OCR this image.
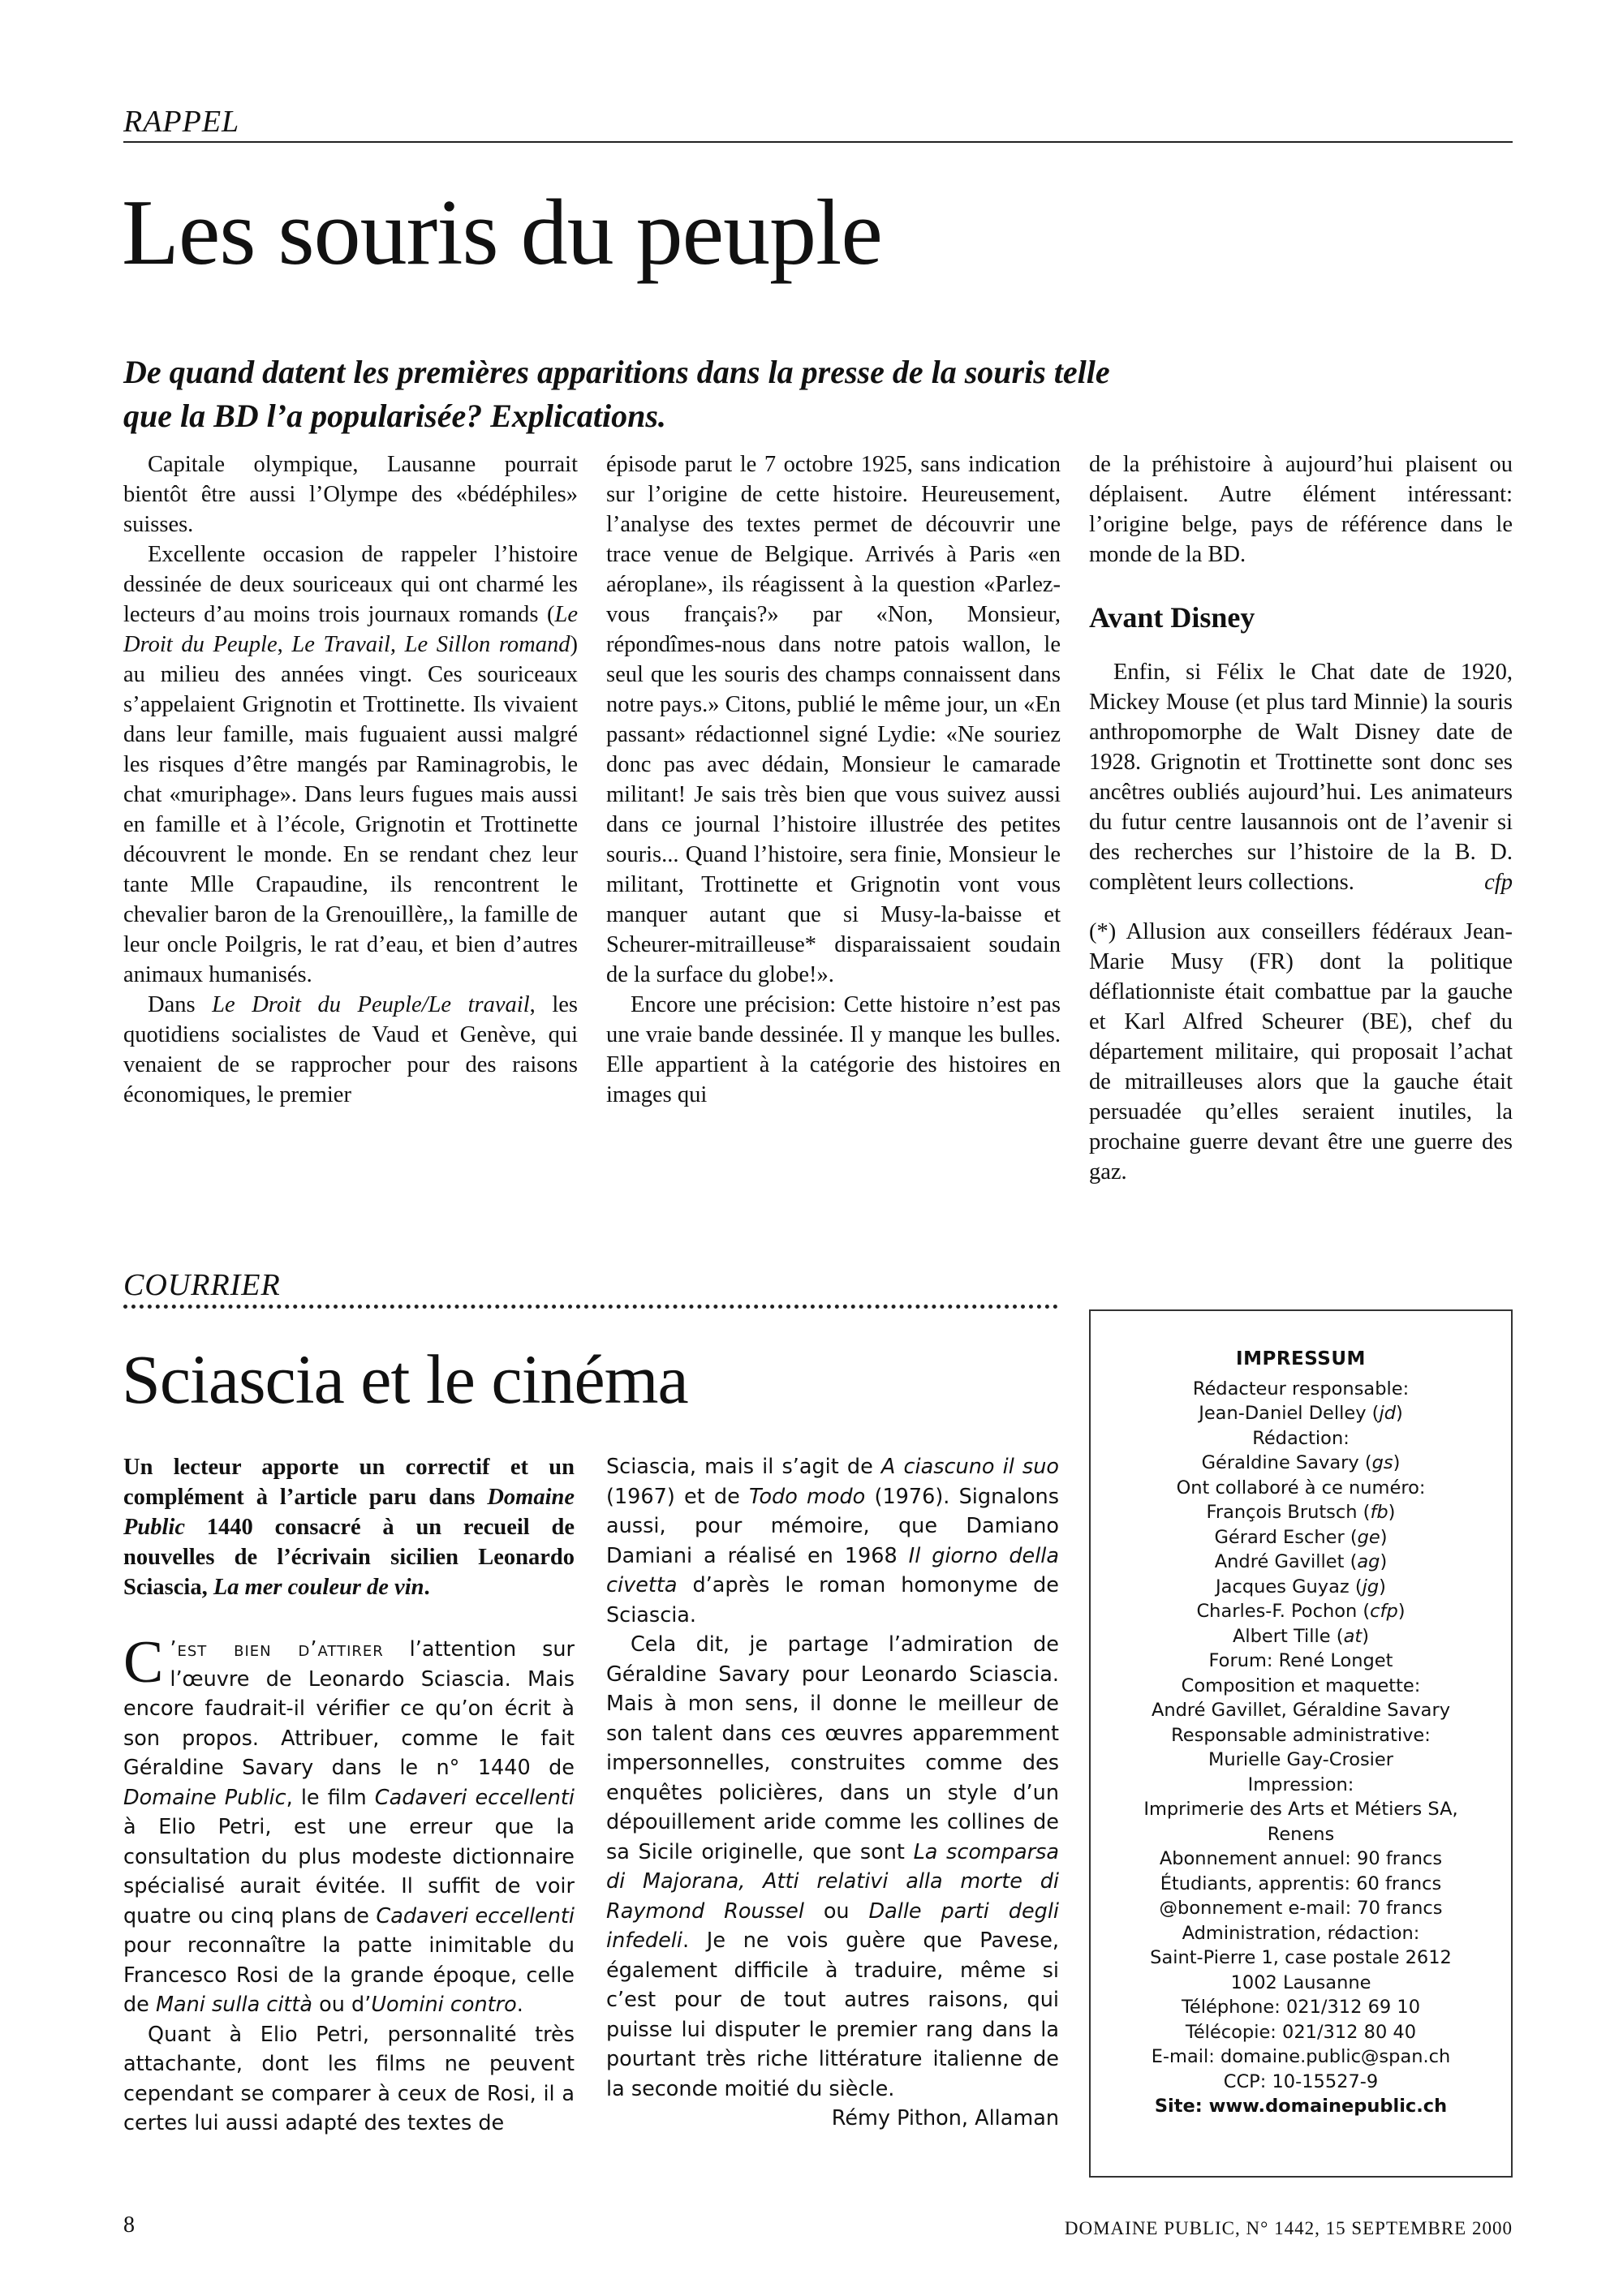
RAPPEL
Les souris du peuple
De quand datent les premières apparitions dans la presse de la souris telle
que la BD l’a popularisée? Explications.

Capitale olympique, Lausanne pourrait bientôt être aussi l’Olympe des «bédéphiles» suisses.

Excellente occasion de rappeler l’histoire dessinée de deux souriceaux qui ont charmé les lecteurs d’au moins trois journaux romands (Le Droit du Peuple, Le Travail, Le Sillon romand) au milieu des années vingt. Ces souriceaux s’appelaient Grignotin et Trottinette. Ils vivaient dans leur famille, mais fuguaient aussi malgré les risques d’être mangés par Raminagrobis, le chat «muriphage». Dans leurs fugues mais aussi en famille et à l’école, Grignotin et Trottinette découvrent le monde. En se rendant chez leur tante Mlle Crapaudine, ils rencontrent le chevalier baron de la Grenouillère,, la famille de leur oncle Poilgris, le rat d’eau, et bien d’autres animaux humanisés.

Dans Le Droit du Peuple/Le travail, les quotidiens socialistes de Vaud et Genève, qui venaient de se rapprocher pour des raisons économiques, le premier

épisode parut le 7 octobre 1925, sans indication sur l’origine de cette histoire. Heureusement, l’analyse des textes permet de découvrir une trace venue de Belgique. Arrivés à Paris «en aéroplane», ils réagissent à la question «Parlez-vous français?» par «Non, Monsieur, répondîmes-nous dans notre patois wallon, le seul que les souris des champs connaissent dans notre pays.» Citons, publié le même jour, un «En passant» rédactionnel signé Lydie: «Ne souriez donc pas avec dédain, Monsieur le camarade militant! Je sais très bien que vous suivez aussi dans ce journal l’histoire illustrée des petites souris... Quand l’histoire, sera finie, Monsieur le militant, Trottinette et Grignotin vont vous manquer autant que si Musy-la-baisse et Scheurer-mitrailleuse* disparaissaient soudain de la surface du globe!».

Encore une précision: Cette histoire n’est pas une vraie bande dessinée. Il y manque les bulles. Elle appartient à la catégorie des histoires en images qui

de la préhistoire à aujourd’hui plaisent ou déplaisent. Autre élément intéressant: l’origine belge, pays de référence dans le monde de la BD.

Avant Disney

Enfin, si Félix le Chat date de 1920, Mickey Mouse (et plus tard Minnie) la souris anthropomorphe de Walt Disney date de 1928. Grignotin et Trottinette sont donc ses ancêtres oubliés aujourd’hui. Les animateurs du futur centre lausannois ont de l’avenir si des recherches sur l’histoire de la B. D. complètent leurs collections.	cfp

(*) Allusion aux conseillers fédéraux Jean-Marie Musy (FR) dont la politique déflationniste était combattue par la gauche et Karl Alfred Scheurer (BE), chef du département militaire, qui proposait l’achat de mitrailleuses alors que la gauche était persuadée qu’elles seraient inutiles, la prochaine guerre devant être une guerre des gaz.

COURRIER
Sciascia et le cinéma
Un lecteur apporte un correctif et un complément à l’article paru dans Domaine Public 1440 consacré à un recueil de nouvelles de l’écrivain sicilien Leonardo Sciascia, La mer couleur de vin.

C ’est bien d’attirer l’attention sur l’œuvre de Leonardo Sciascia. Mais encore faudrait-il vérifier ce qu’on écrit à son propos. Attribuer, comme le fait Géraldine Savary dans le n° 1440 de Domaine Public, le film Cadaveri eccellenti à Elio Petri, est une erreur que la consultation du plus modeste dictionnaire spécialisé aurait évitée. Il suffit de voir quatre ou cinq plans de Cadaveri eccellenti pour reconnaître la patte inimitable du Francesco Rosi de la grande époque, celle de Mani sulla città ou d’Uomini contro.

Quant à Elio Petri, personnalité très attachante, dont les films ne peuvent cependant se comparer à ceux de Rosi, il a certes lui aussi adapté des textes de

Sciascia, mais il s’agit de A ciascuno il suo (1967) et de Todo modo (1976). Signalons aussi, pour mémoire, que Damiano Damiani a réalisé en 1968 Il giorno della civetta d’après le roman homonyme de Sciascia.

Cela dit, je partage l’admiration de Géraldine Savary pour Leonardo Sciascia. Mais à mon sens, il donne le meilleur de son talent dans ces œuvres apparemment impersonnelles, construites comme des enquêtes policières, dans un style d’un dépouillement aride comme les collines de sa Sicile originelle, que sont La scomparsa di Majorana, Atti relativi alla morte di Raymond Roussel ou Dalle parti degli infedeli. Je ne vois guère que Pavese, également difficile à traduire, même si c’est pour de tout autres raisons, qui puisse lui disputer le premier rang dans la pourtant très riche littérature italienne de la seconde moitié du siècle.

Rémy Pithon, Allaman
IMPRESSUM
Rédacteur responsable:
Jean-Daniel Delley (jd)
Rédaction:
Géraldine Savary (gs)
Ont collaboré à ce numéro:
François Brutsch (fb)
Gérard Escher (ge)
André Gavillet (ag)
Jacques Guyaz (jg)
Charles-F. Pochon (cfp)
Albert Tille (at)
Forum: René Longet
Composition et maquette:
André Gavillet, Géraldine Savary
Responsable administrative:
Murielle Gay-Crosier
Impression:
Imprimerie des Arts et Métiers SA,
Renens
Abonnement annuel: 90 francs
Étudiants, apprentis: 60 francs
@bonnement e-mail: 70 francs
Administration, rédaction:
Saint-Pierre 1, case postale 2612
1002 Lausanne
Téléphone: 021/312 69 10
Télécopie: 021/312 80 40
E-mail: domaine.public@span.ch
CCP: 10-15527-9
Site: www.domainepublic.ch
8	DOMAINE PUBLIC, N° 1442, 15 SEPTEMBRE 2000
